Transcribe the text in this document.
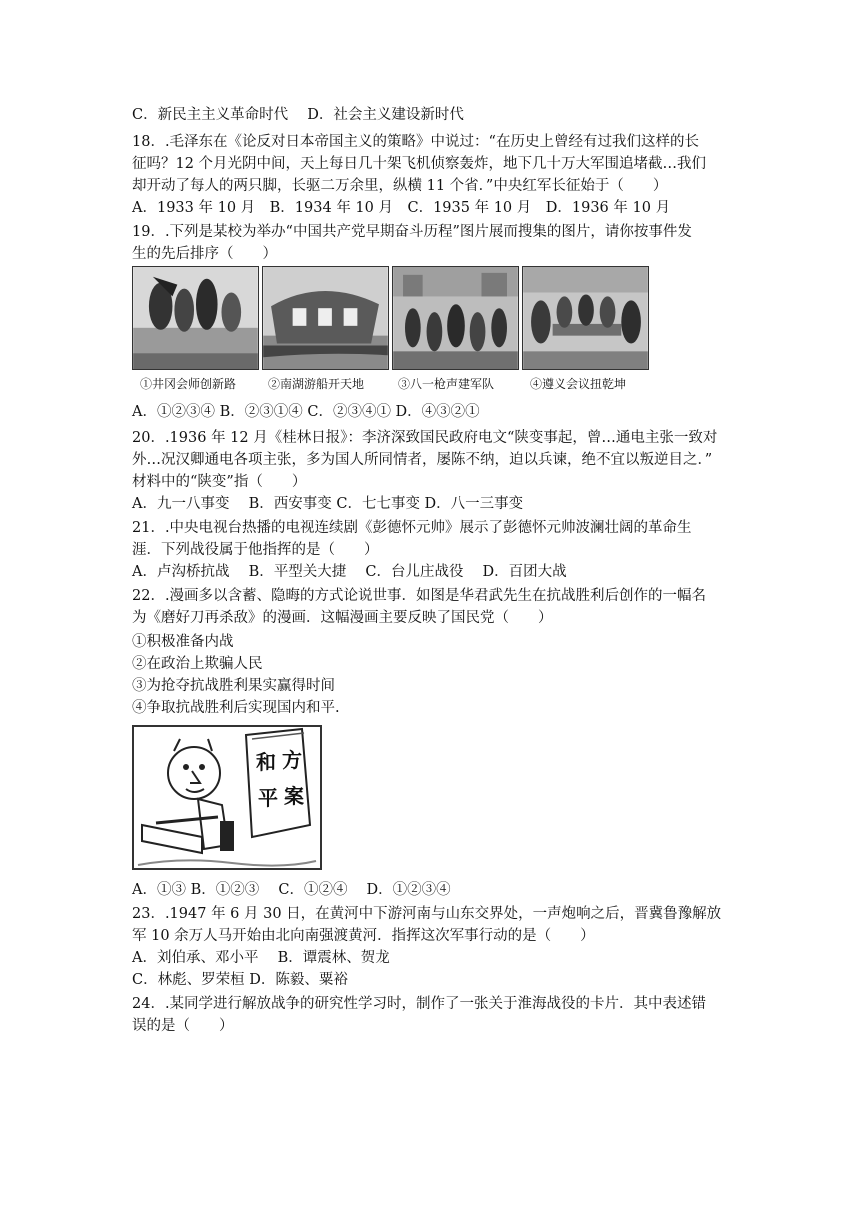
C．新民主主义革命时代　 D．社会主义建设新时代
18．.毛泽东在《论反对日本帝国主义的策略》中说过：“在历史上曾经有过我们这样的长
征吗？12 个月光阴中间，天上每日几十架飞机侦察轰炸，地下几十万大军围追堵截…我们
却开动了每人的两只脚，长驱二万余里，纵横 11 个省．”中央红军长征始于（　　）
A．1933 年 10 月　B．1934 年 10 月　C．1935 年 10 月　D．1936 年 10 月
19．.下列是某校为举办“中国共产党早期奋斗历程”图片展而搜集的图片，请你按事件发
生的先后排序（　　）
①井冈会师创新路	②南湖游船开天地	③八一枪声建军队	④遵义会议扭乾坤
A．①②③④ B．②③①④ C．②③④① D．④③②①
20．.1936 年 12 月《桂林日报》：李济深致国民政府电文“陕变事起，曾…通电主张一致对
外…况汉卿通电各项主张，多为国人所同情者，屡陈不纳，迫以兵谏，绝不宜以叛逆目之．”
材料中的“陕变”指（　　）
A．九一八事变　 B．西安事变 C．七七事变 D．八一三事变
21．.中央电视台热播的电视连续剧《彭德怀元帅》展示了彭德怀元帅波澜壮阔的革命生
涯．下列战役属于他指挥的是（　　）
A．卢沟桥抗战　 B．平型关大捷　 C．台儿庄战役　 D．百团大战
22．.漫画多以含蓄、隐晦的方式论说世事．如图是华君武先生在抗战胜利后创作的一幅名
为《磨好刀再杀敌》的漫画．这幅漫画主要反映了国民党（　　）
①积极准备内战
②在政治上欺骗人民
③为抢夺抗战胜利果实赢得时间
④争取抗战胜利后实现国内和平.
和 方
平 案
A．①③ B．①②③　 C．①②④　 D．①②③④
23．.1947 年 6 月 30 日，在黄河中下游河南与山东交界处，一声炮响之后，晋冀鲁豫解放
军 10 余万人马开始由北向南强渡黄河．指挥这次军事行动的是（　　）
A．刘伯承、邓小平　 B．谭震林、贺龙
C．林彪、罗荣桓 D．陈毅、粟裕
24．.某同学进行解放战争的研究性学习时，制作了一张关于淮海战役的卡片．其中表述错
误的是（　　）
